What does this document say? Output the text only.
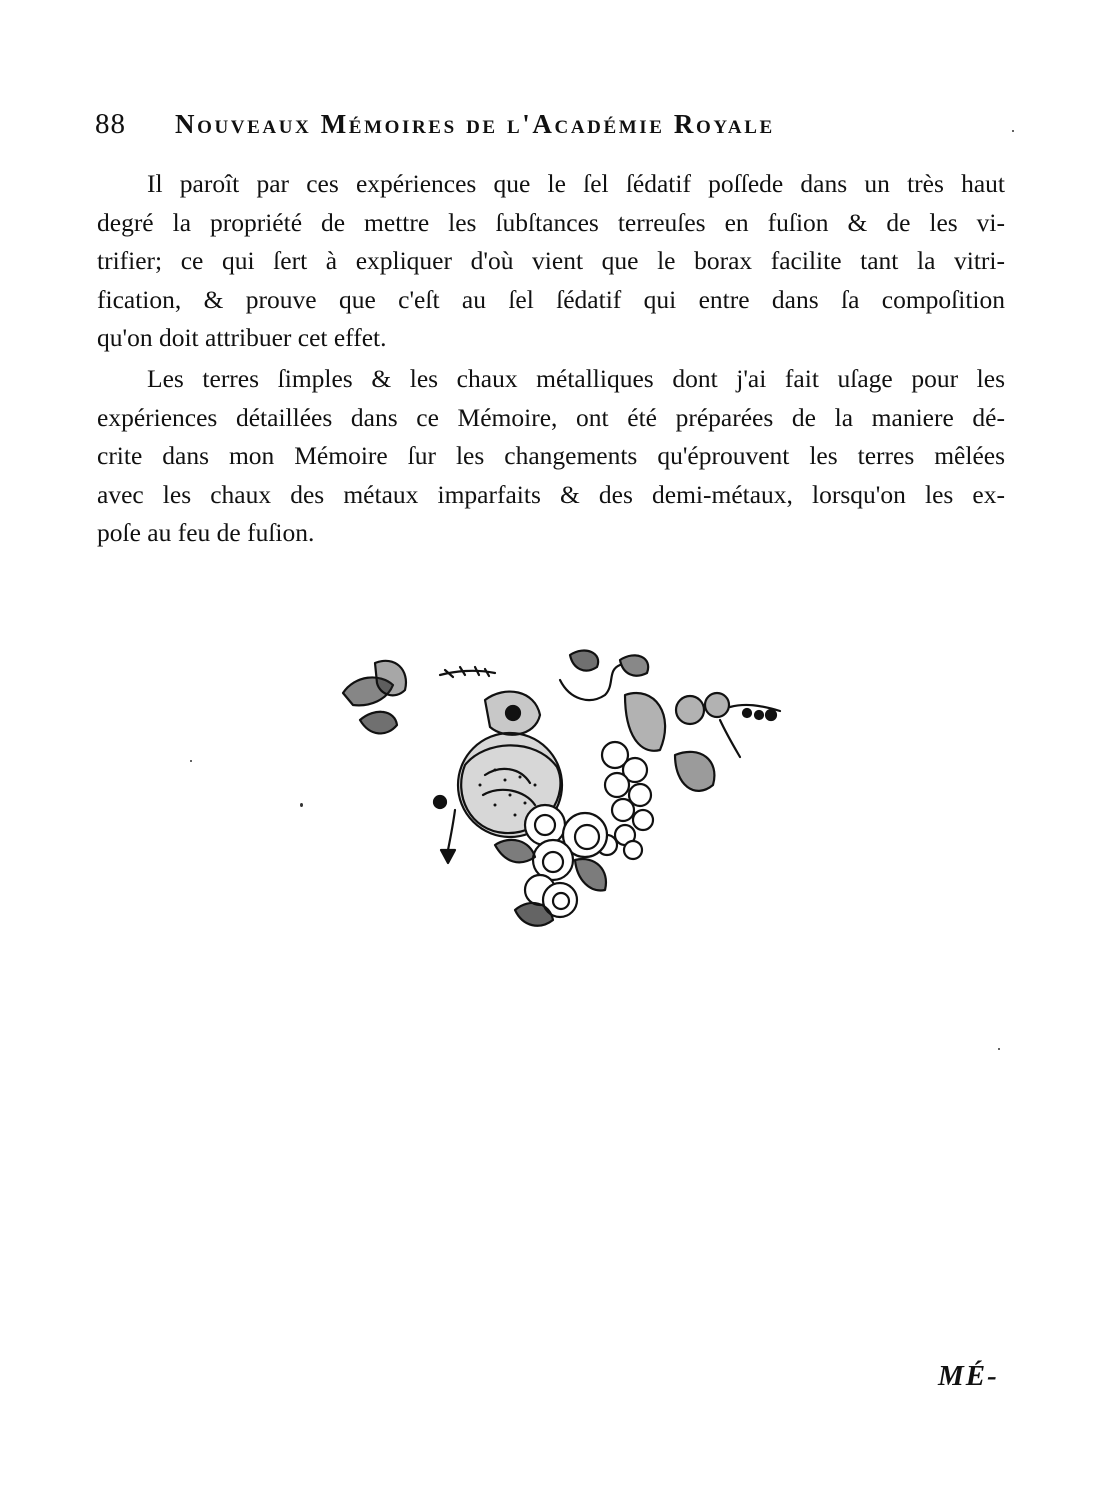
88 Nouveaux Mémoires de l'Académie Royale
Il paroît par ces expériences que le ſel ſédatif poſſede dans un très haut
degré la propriété de mettre les ſubſtances terreuſes en fuſion & de les vi-
trifier; ce qui ſert à expliquer d'où vient que le borax facilite tant la vitri-
fication, & prouve que c'eſt au ſel ſédatif qui entre dans ſa compoſition
qu'on doit attribuer cet effet.
Les terres ſimples & les chaux métalliques dont j'ai fait uſage pour les
expériences détaillées dans ce Mémoire, ont été préparées de la maniere dé-
crite dans mon Mémoire ſur les changements qu'éprouvent les terres mêlées
avec les chaux des métaux imparfaits & des demi-métaux, lorsqu'on les ex-
poſe au feu de fuſion.
MÉ-
